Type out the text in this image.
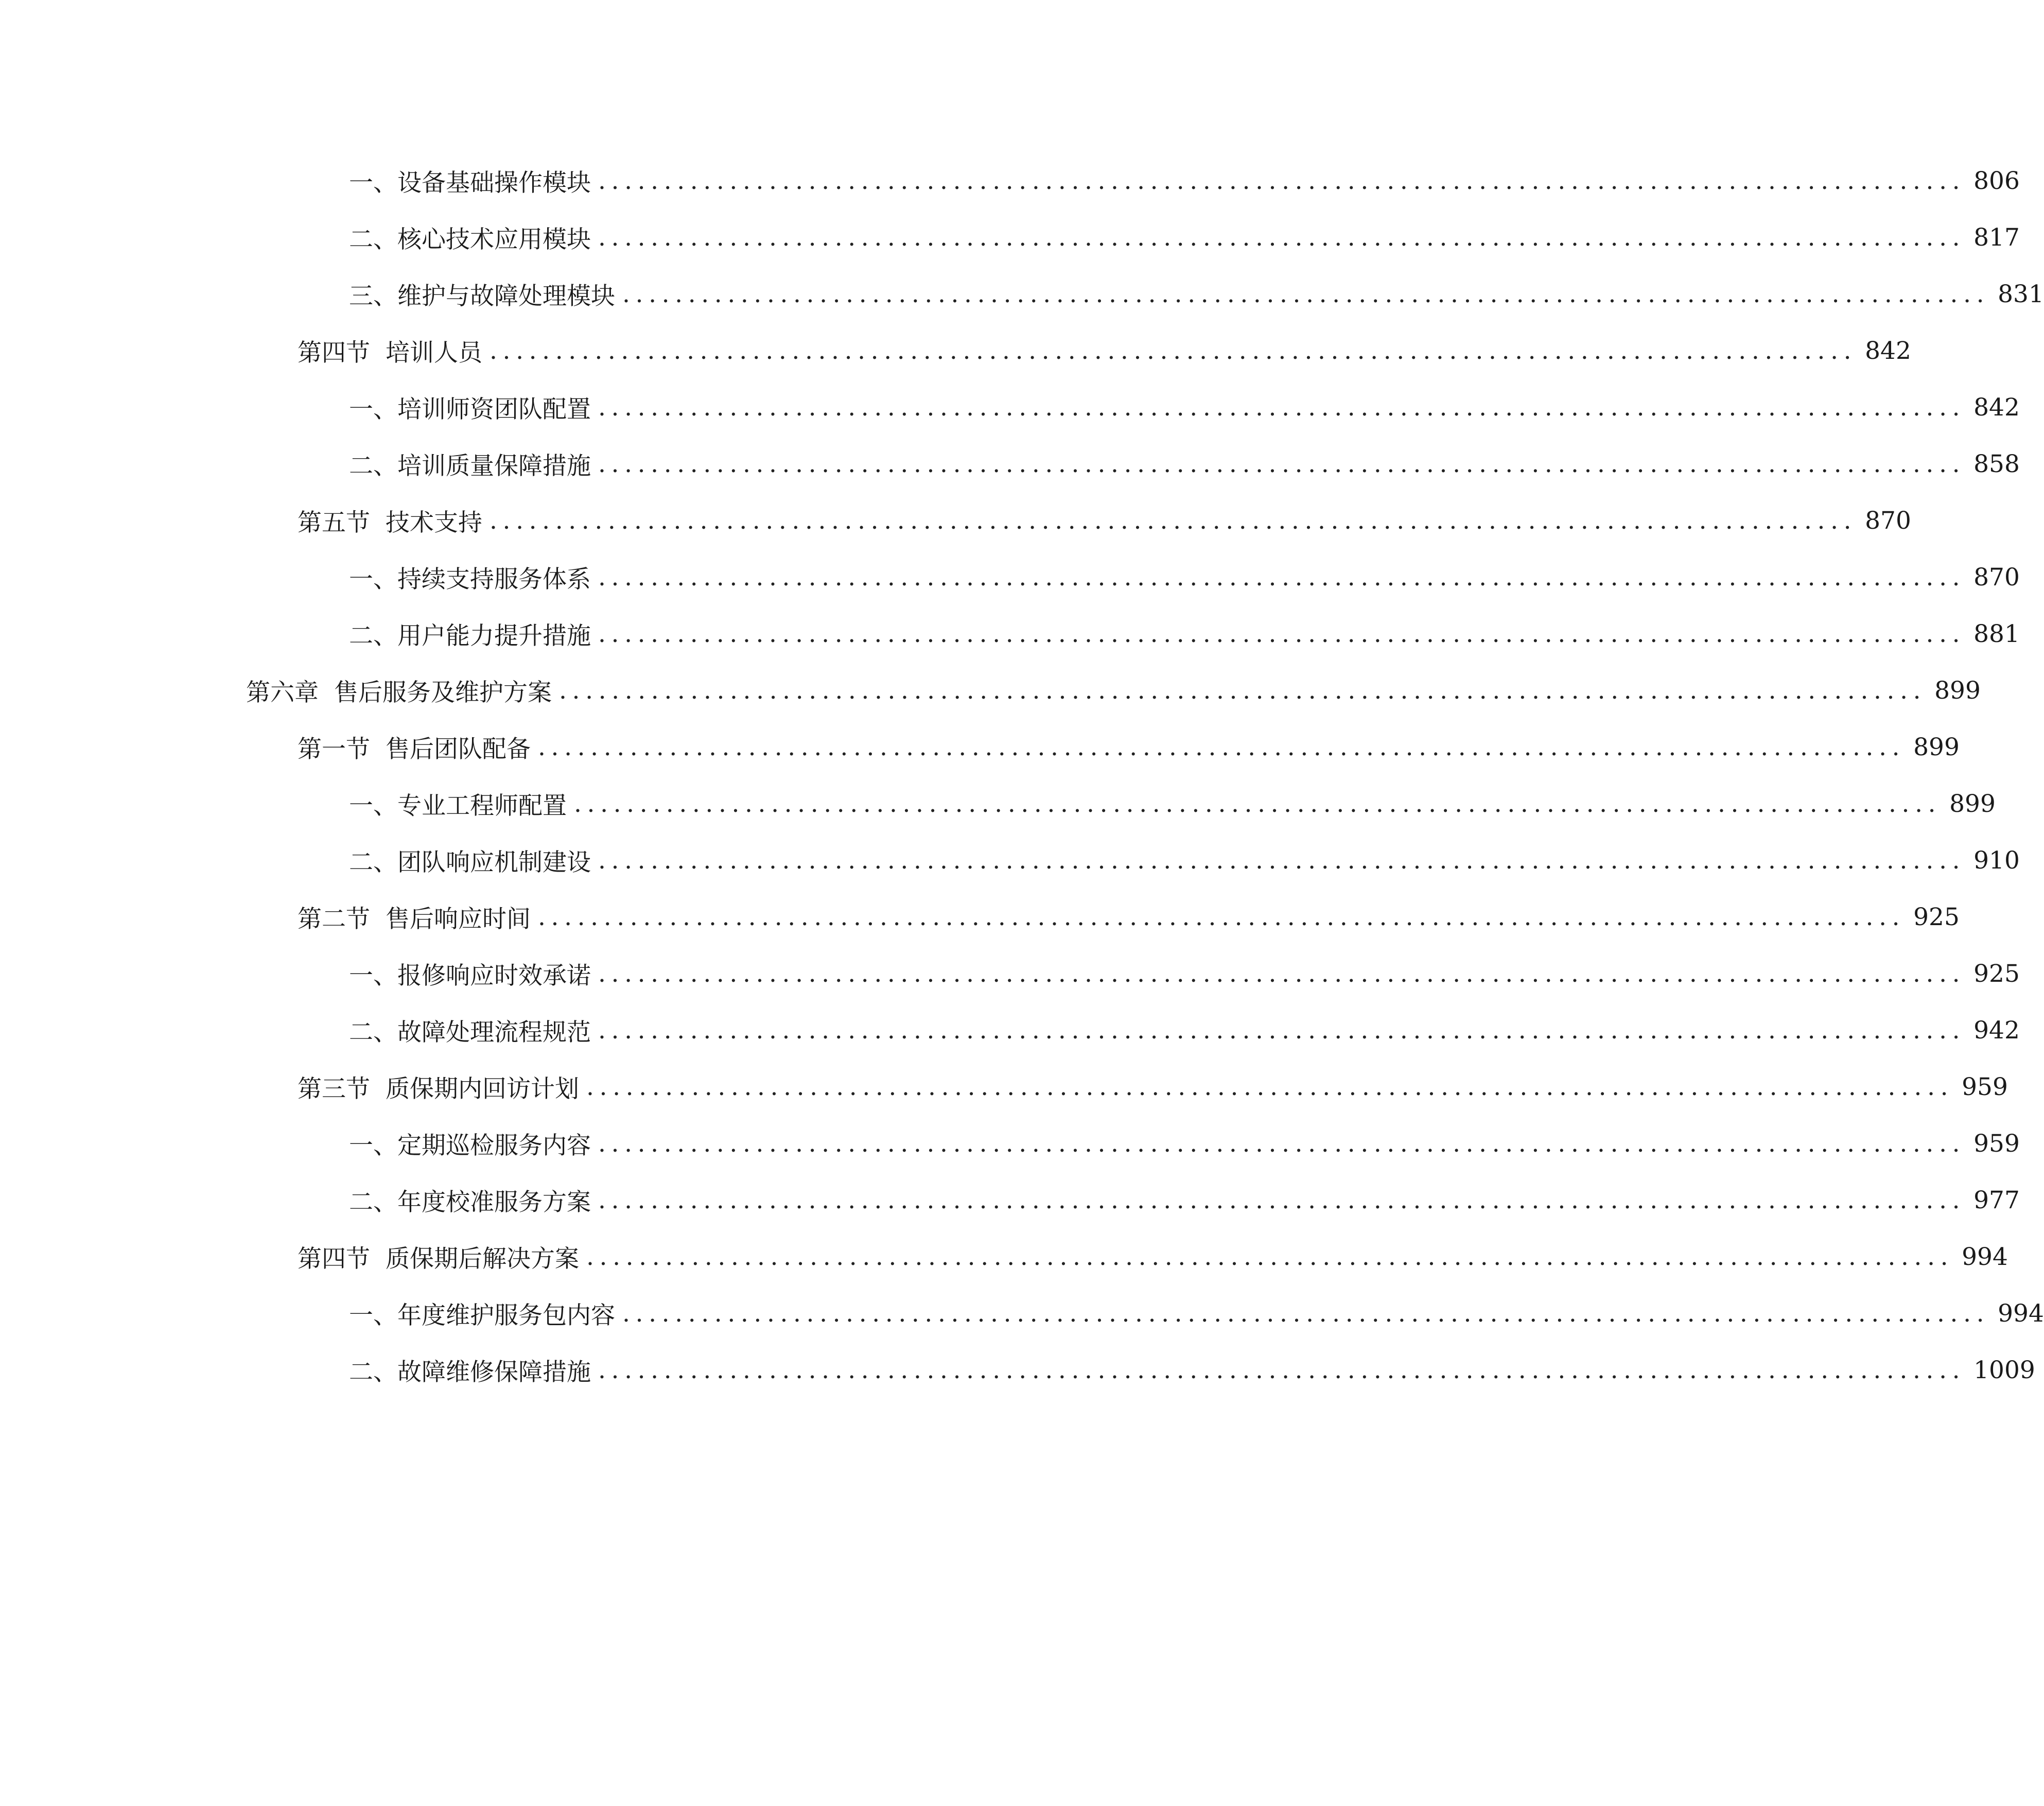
一、 设备基础操作模块 ........................................................................................................ 806
二、 核心技术应用模块 ........................................................................................................ 817
三、 维护与故障处理模块 ........................................................................................................ 831
第四节 培训人员 ........................................................................................................ 842
一、 培训师资团队配置 ........................................................................................................ 842
二、 培训质量保障措施 ........................................................................................................ 858
第五节 技术支持 ........................................................................................................ 870
一、 持续支持服务体系 ........................................................................................................ 870
二、 用户能力提升措施 ........................................................................................................ 881
第六章 售后服务及维护方案 ........................................................................................................ 899
第一节 售后团队配备 ........................................................................................................ 899
一、 专业工程师配置 ........................................................................................................ 899
二、 团队响应机制建设 ........................................................................................................ 910
第二节 售后响应时间 ........................................................................................................ 925
一、 报修响应时效承诺 ........................................................................................................ 925
二、 故障处理流程规范 ........................................................................................................ 942
第三节 质保期内回访计划 ........................................................................................................ 959
一、 定期巡检服务内容 ........................................................................................................ 959
二、 年度校准服务方案 ........................................................................................................ 977
第四节 质保期后解决方案 ........................................................................................................ 994
一、 年度维护服务包内容 ........................................................................................................ 994
二、 故障维修保障措施 ........................................................................................................ 1009
